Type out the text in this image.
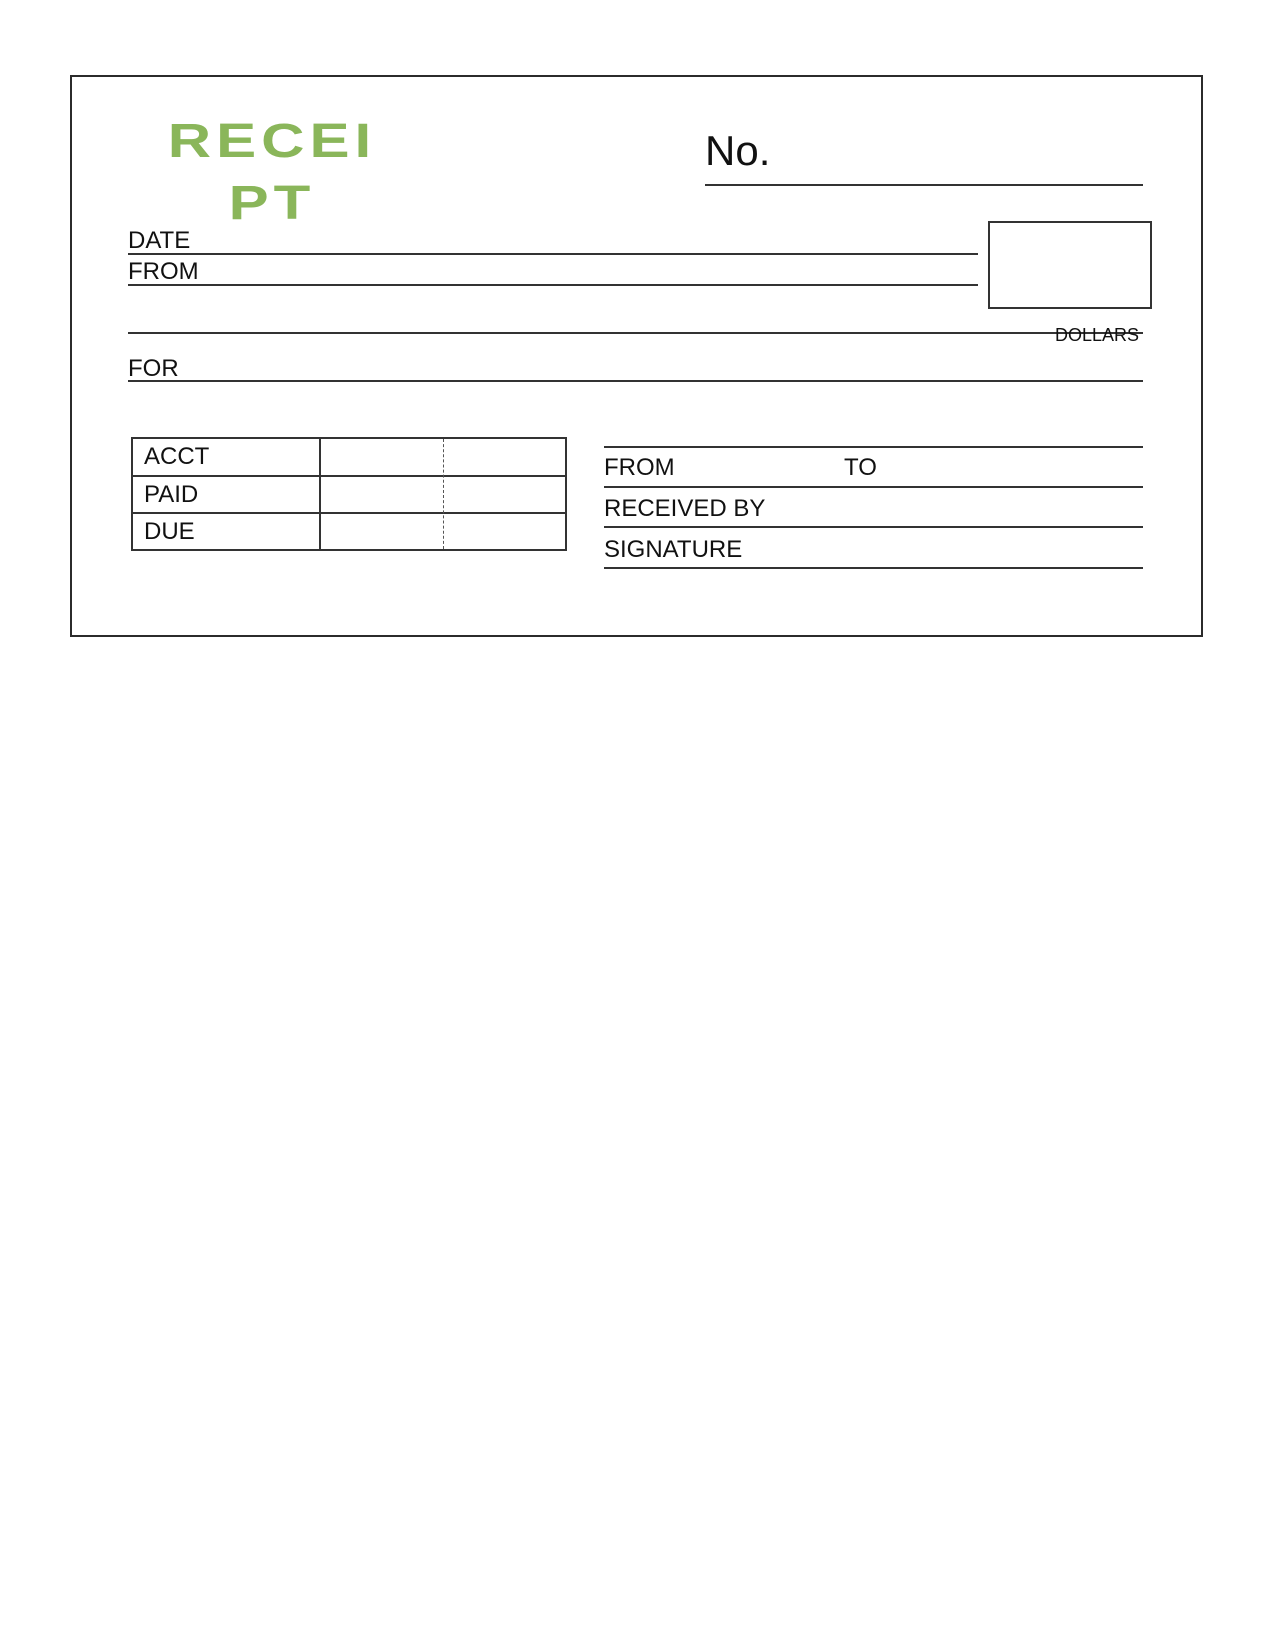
RECEI
PT
No.
DATE
FROM
DOLLARS
FOR
ACCT
PAID
DUE
FROM	TO
RECEIVED BY
SIGNATURE
